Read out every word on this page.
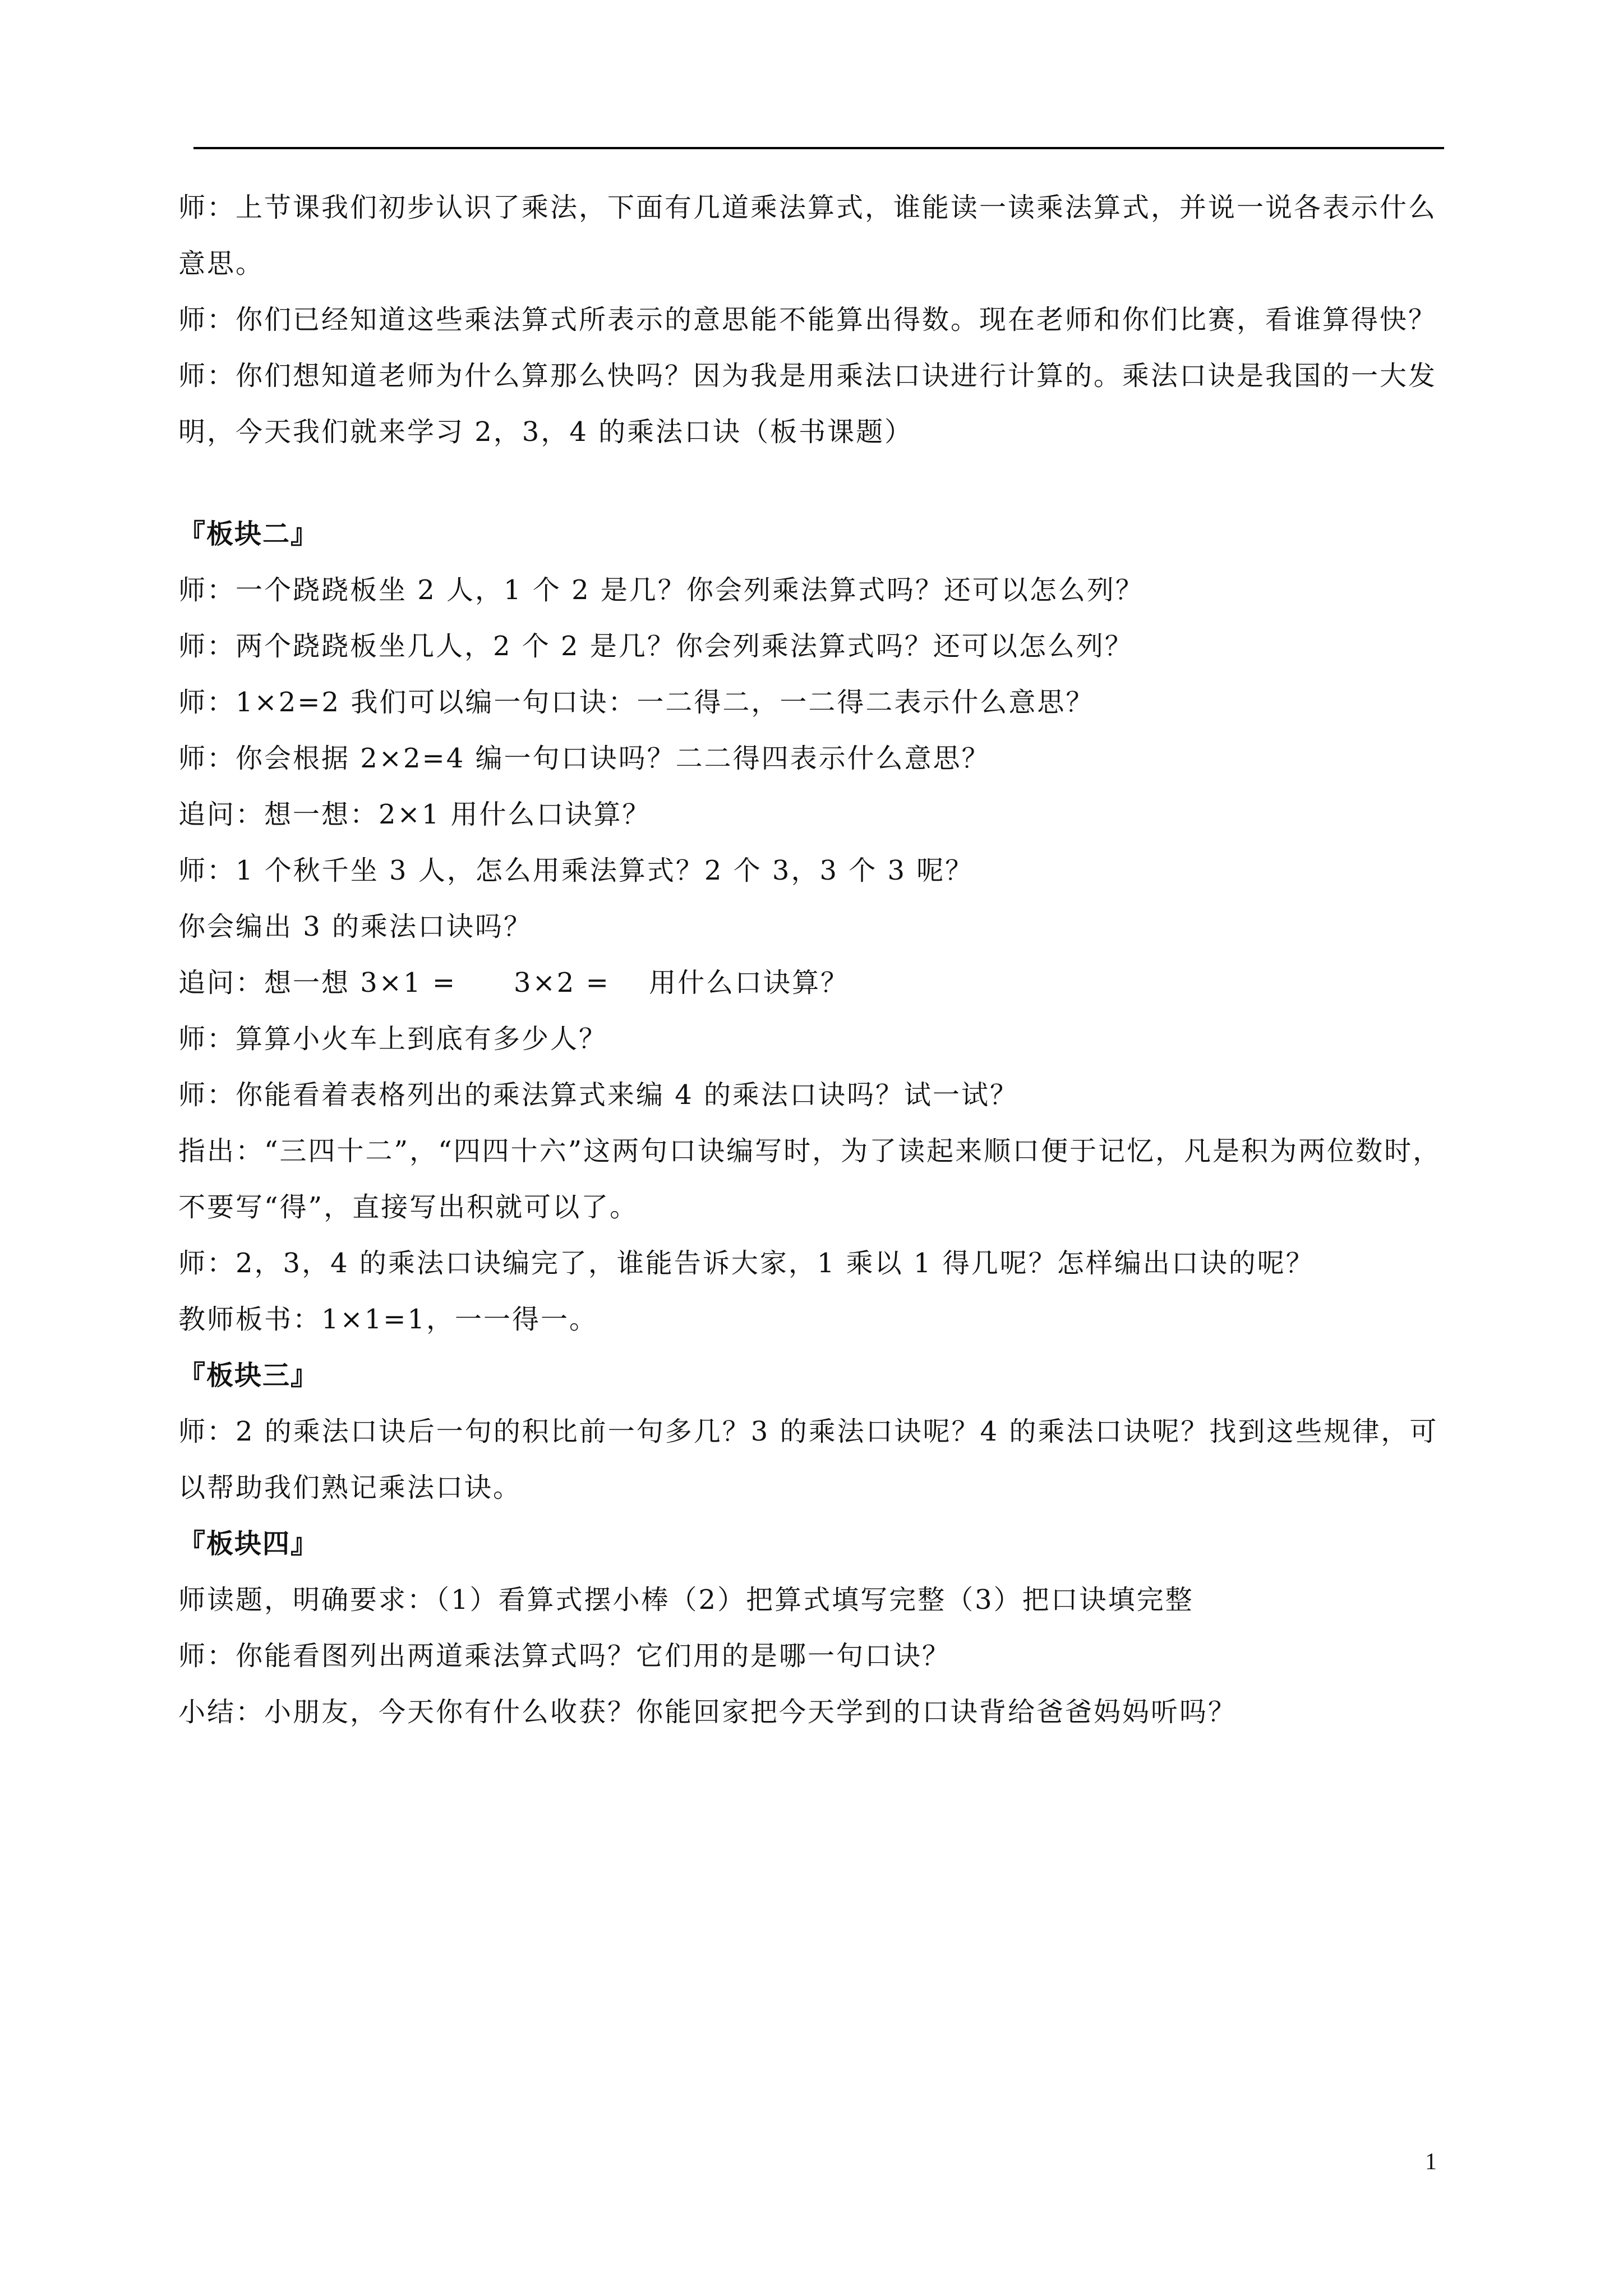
师：上节课我们初步认识了乘法，下面有几道乘法算式，谁能读一读乘法算式，并说一说各表示什么意思。

师：你们已经知道这些乘法算式所表示的意思能不能算出得数。现在老师和你们比赛，看谁算得快？

师：你们想知道老师为什么算那么快吗？因为我是用乘法口诀进行计算的。乘法口诀是我国的一大发明，今天我们就来学习 2，3，4 的乘法口诀（板书课题）

『板块二』

师：一个跷跷板坐 2 人，1 个 2 是几？你会列乘法算式吗？还可以怎么列？

师：两个跷跷板坐几人，2 个 2 是几？你会列乘法算式吗？还可以怎么列？

师：1×2=2 我们可以编一句口诀：一二得二，一二得二表示什么意思？

师：你会根据 2×2=4 编一句口诀吗？二二得四表示什么意思？

追问：想一想：2×1 用什么口诀算？

师：1 个秋千坐 3 人，怎么用乘法算式？2 个 3，3 个 3 呢？

你会编出 3 的乘法口诀吗？

追问：想一想 3×1 =　　3×2 =　 用什么口诀算？

师：算算小火车上到底有多少人？

师：你能看着表格列出的乘法算式来编 4 的乘法口诀吗？试一试？

指出：“三四十二”，“四四十六”这两句口诀编写时，为了读起来顺口便于记忆，凡是积为两位数时，不要写“得”，直接写出积就可以了。

师：2，3，4 的乘法口诀编完了，谁能告诉大家，1 乘以 1 得几呢？怎样编出口诀的呢？

教师板书：1×1=1，一一得一。

『板块三』

师：2 的乘法口诀后一句的积比前一句多几？3 的乘法口诀呢？4 的乘法口诀呢？找到这些规律，可以帮助我们熟记乘法口诀。

『板块四』

师读题，明确要求：（1）看算式摆小棒（2）把算式填写完整（3）把口诀填完整

师：你能看图列出两道乘法算式吗？它们用的是哪一句口诀？

小结：小朋友，今天你有什么收获？你能回家把今天学到的口诀背给爸爸妈妈听吗？

1
